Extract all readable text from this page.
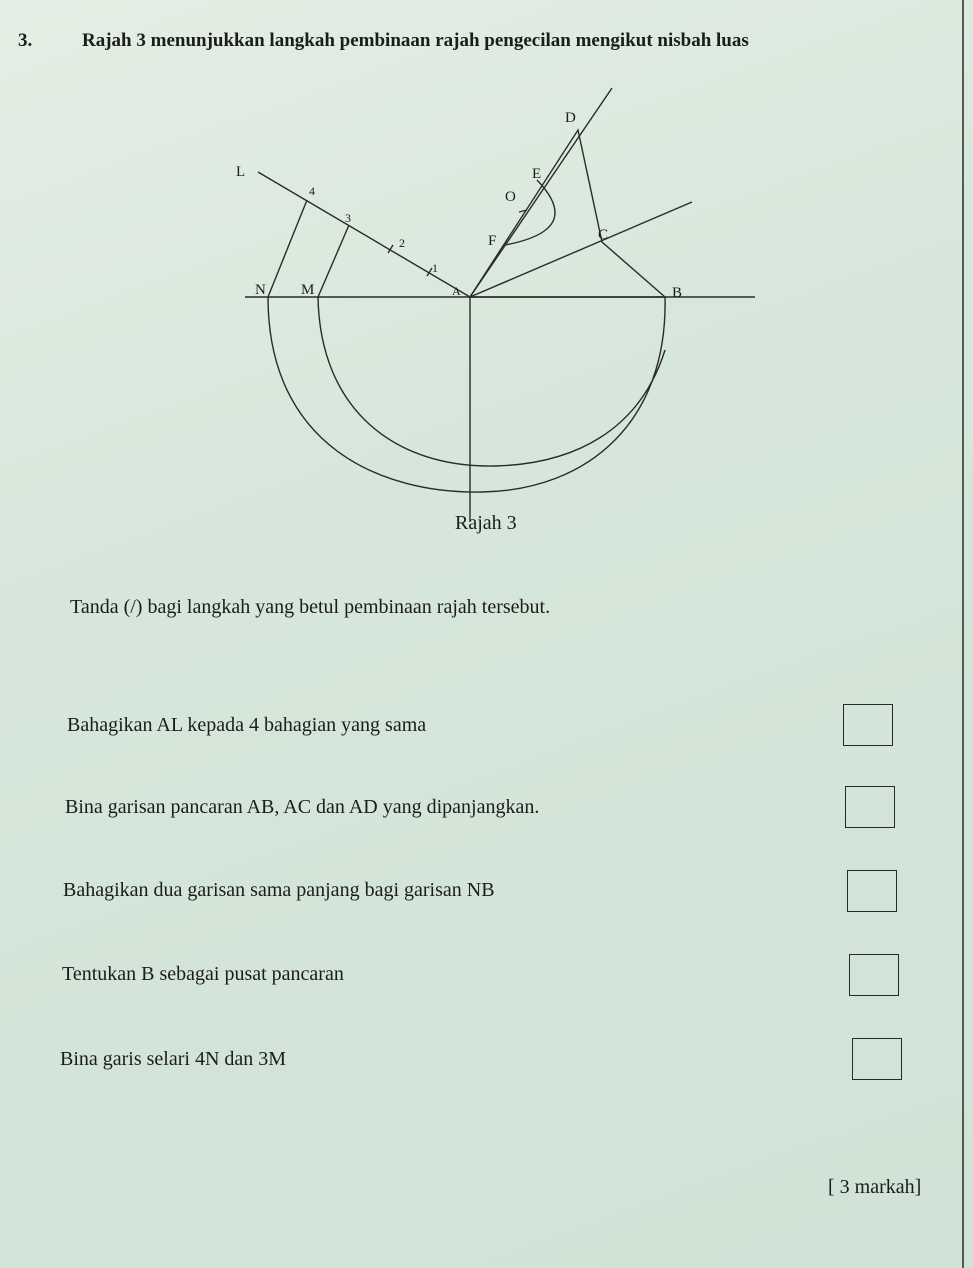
3.	Rajah 3 menunjukkan langkah pembinaan rajah pengecilan mengikut nisbah luas
L
4
3
2
1
N M	A	B
C
D
E
O
F
Rajah 3
Tanda (/) bagi langkah yang betul pembinaan rajah tersebut.
Bahagikan AL kepada 4 bahagian yang sama
Bina garisan pancaran AB, AC dan AD yang dipanjangkan.
Bahagikan dua garisan sama panjang bagi garisan NB
Tentukan B sebagai pusat pancaran
Bina garis selari 4N dan 3M
[ 3 markah]
